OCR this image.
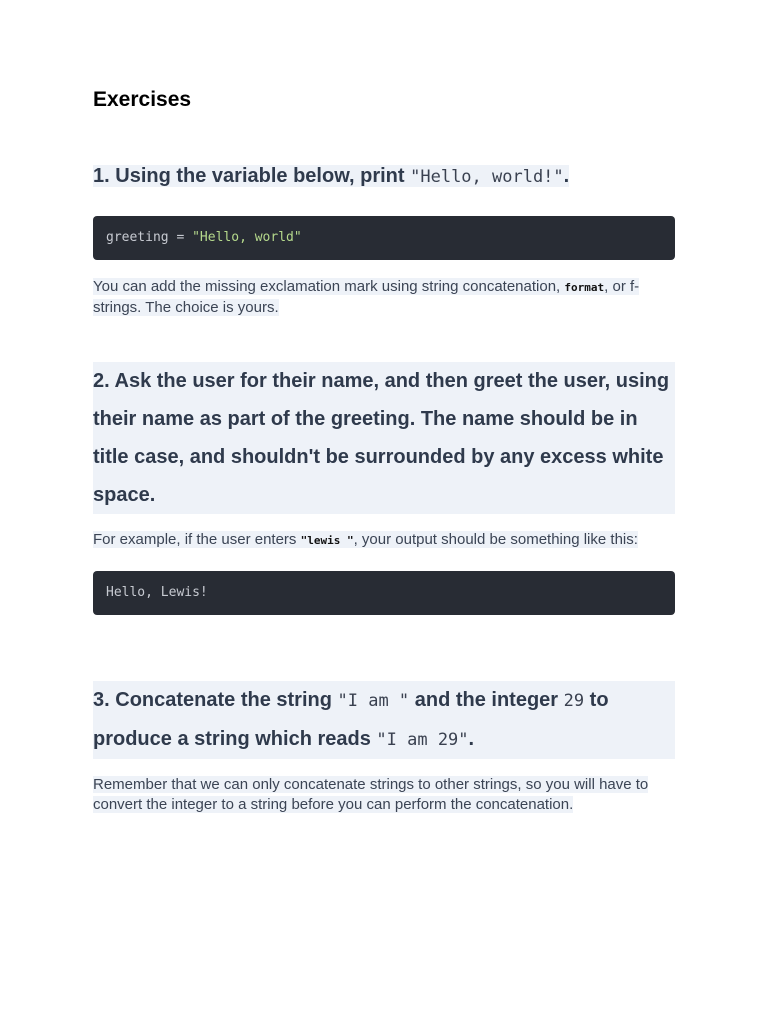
Exercises
1. Using the variable below, print "Hello, world!".
greeting = "Hello, world"

You can add the missing exclamation mark using string concatenation, format, or f-strings. The choice is yours.

2. Ask the user for their name, and then greet the user, using their name as part of the greeting. The name should be in title case, and shouldn't be surrounded by any excess white space.

For example, if the user enters "lewis ", your output should be something like this:

Hello, Lewis!
3. Concatenate the string "I am " and the integer 29 to produce a string which reads "I am 29".

Remember that we can only concatenate strings to other strings, so you will have to convert the integer to a string before you can perform the concatenation.
